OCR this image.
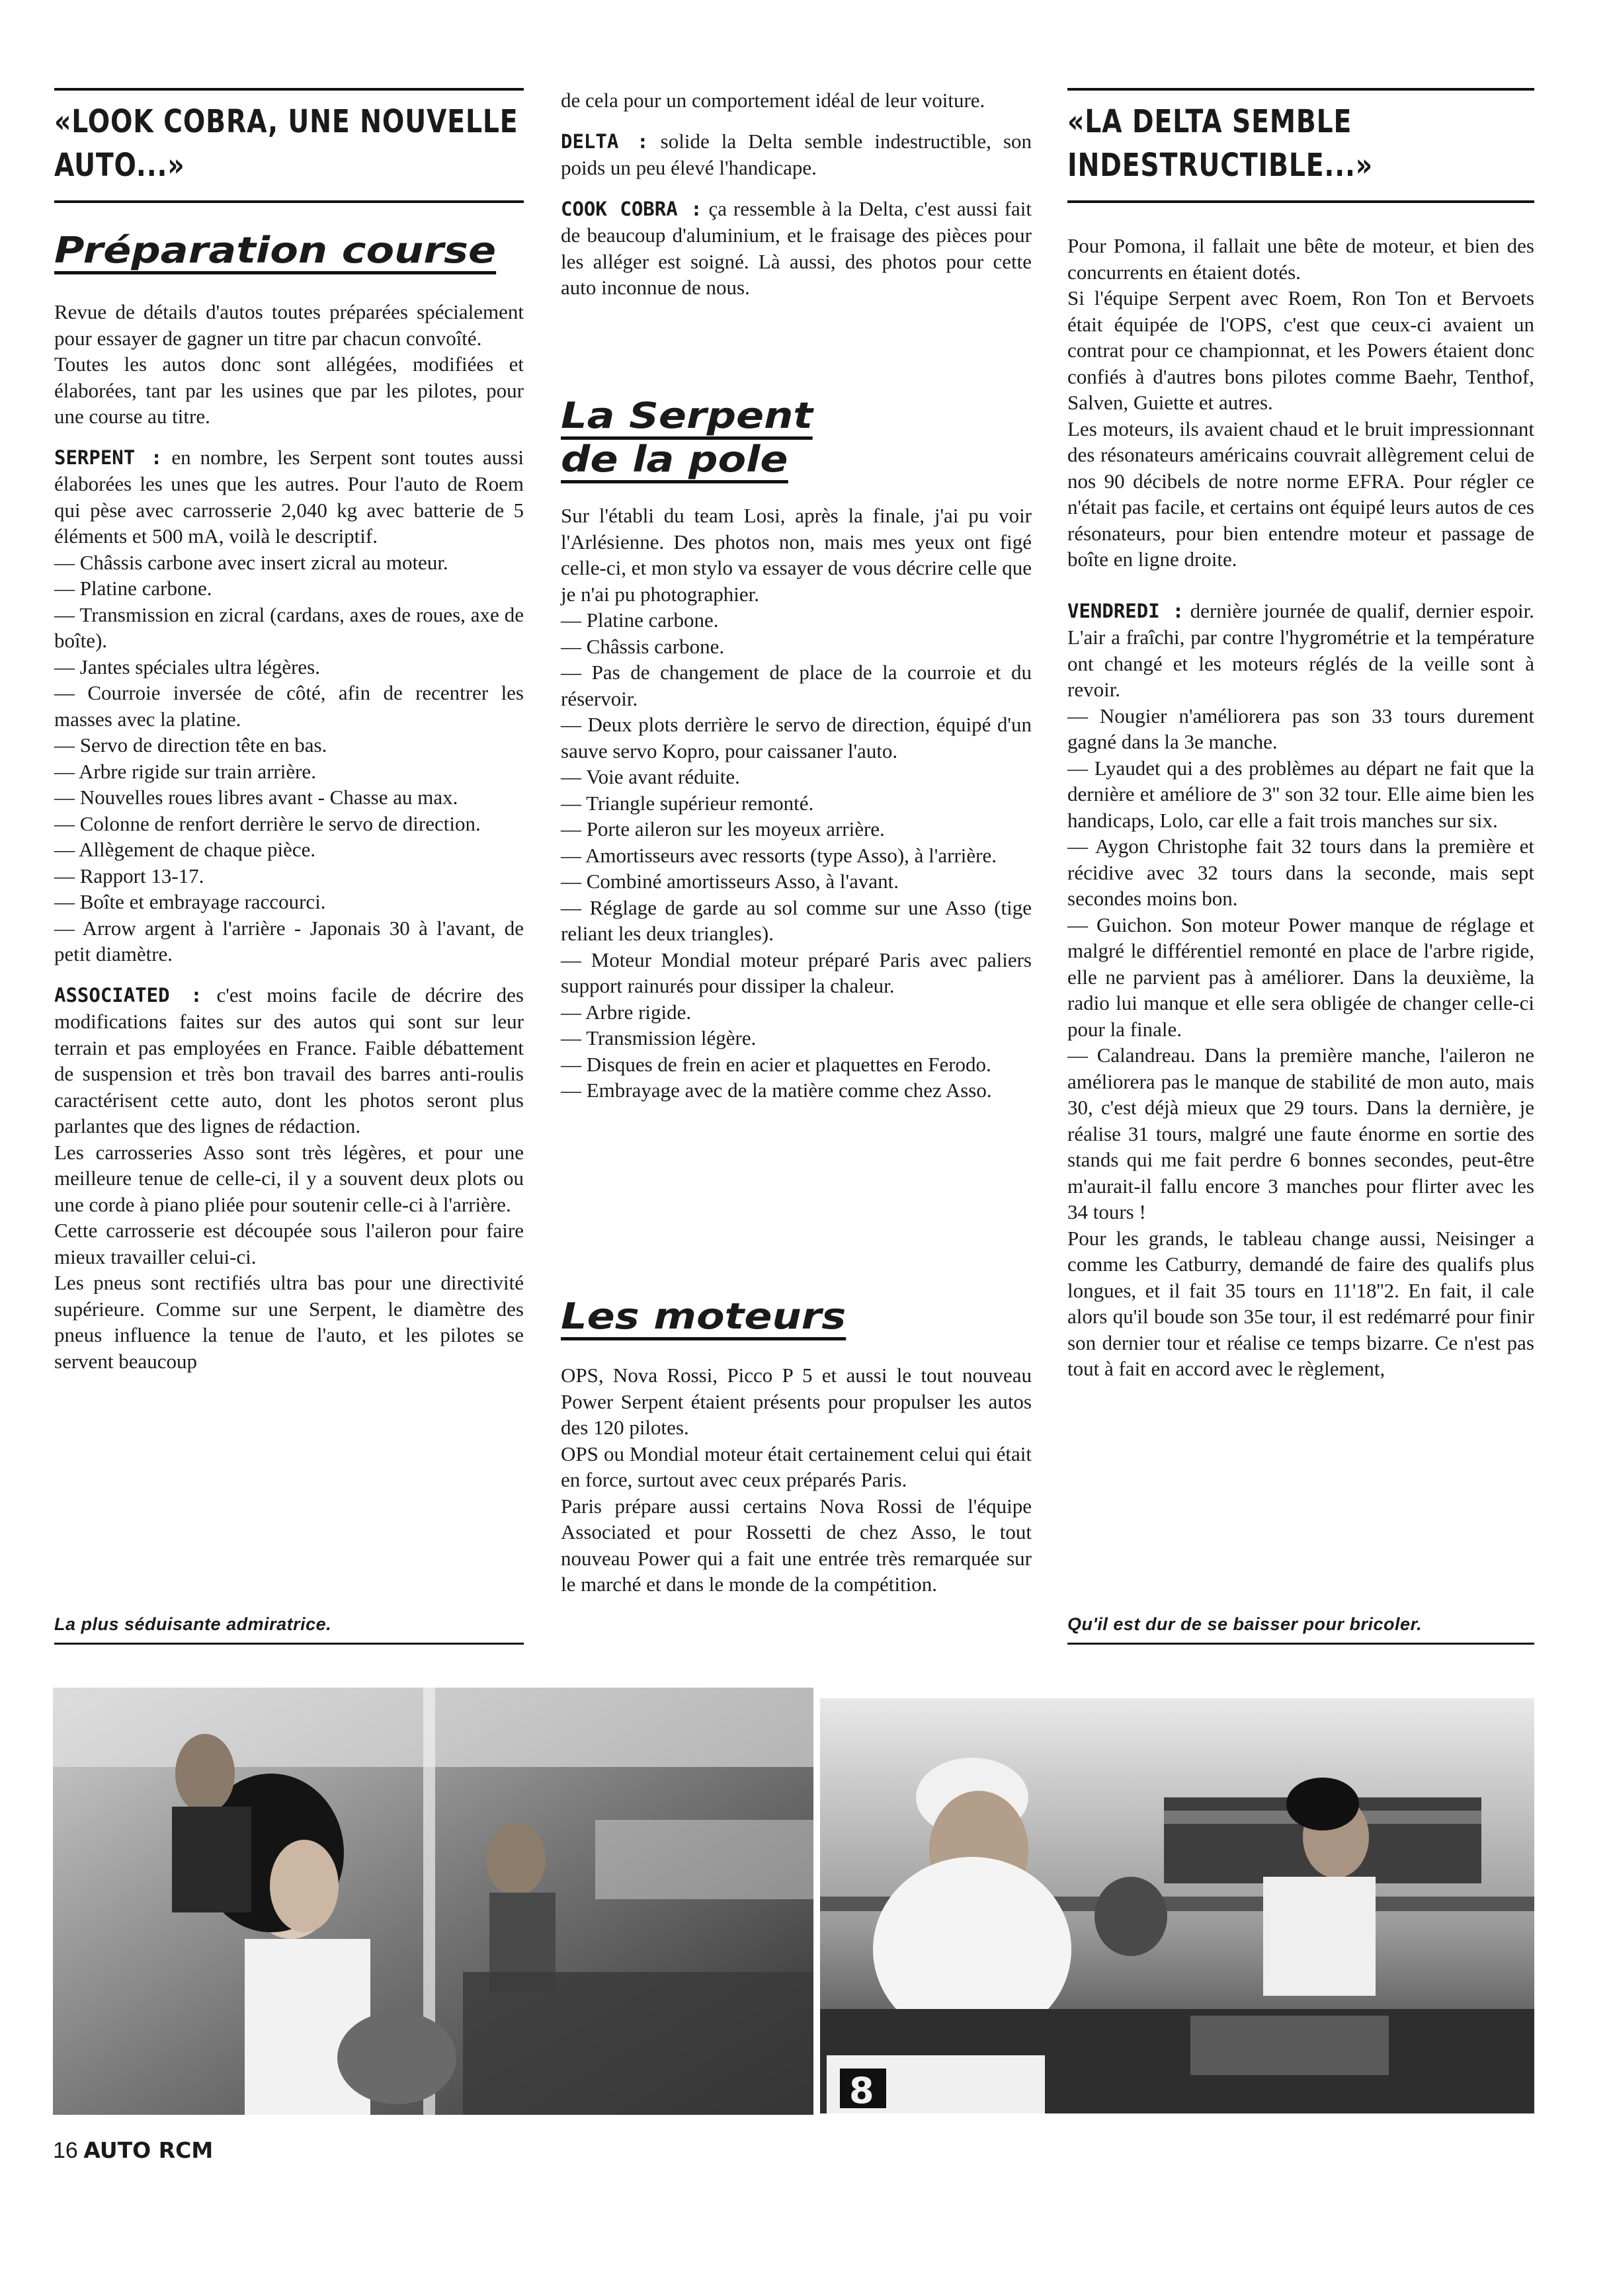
«LOOK COBRA, UNE NOUVELLE
AUTO...»
Préparation course

Revue de détails d'autos toutes préparées spécialement pour essayer de gagner un titre par chacun convoîté.

Toutes les autos donc sont allégées, modifiées et élaborées, tant par les usines que par les pilotes, pour une course au titre.

SERPENT : en nombre, les Serpent sont toutes aussi élaborées les unes que les autres. Pour l'auto de Roem qui pèse avec carrosserie 2,040 kg avec batterie de 5 éléments et 500 mA, voilà le descriptif.

— Châssis carbone avec insert zicral au moteur.

— Platine carbone.

— Transmission en zicral (cardans, axes de roues, axe de boîte).

— Jantes spéciales ultra légères.

— Courroie inversée de côté, afin de recentrer les masses avec la platine.

— Servo de direction tête en bas.

— Arbre rigide sur train arrière.

— Nouvelles roues libres avant - Chasse au max.

— Colonne de renfort derrière le servo de direction.

— Allègement de chaque pièce.

— Rapport 13-17.

— Boîte et embrayage raccourci.

— Arrow argent à l'arrière - Japonais 30 à l'avant, de petit diamètre.

ASSOCIATED : c'est moins facile de décrire des modifications faites sur des autos qui sont sur leur terrain et pas employées en France. Faible débattement de suspension et très bon travail des barres anti-roulis caractérisent cette auto, dont les photos seront plus parlantes que des lignes de rédaction.

Les carrosseries Asso sont très légères, et pour une meilleure tenue de celle-ci, il y a souvent deux plots ou une corde à piano pliée pour soutenir celle-ci à l'arrière.

Cette carrosserie est découpée sous l'aileron pour faire mieux travailler celui-ci.

Les pneus sont rectifiés ultra bas pour une directivité supérieure. Comme sur une Serpent, le diamètre des pneus influence la tenue de l'auto, et les pilotes se servent beaucoup

de cela pour un comportement idéal de leur voiture.

DELTA : solide la Delta semble indestructible, son poids un peu élevé l'handicape.

COOK COBRA : ça ressemble à la Delta, c'est aussi fait de beaucoup d'aluminium, et le fraisage des pièces pour les alléger est soigné. Là aussi, des photos pour cette auto inconnue de nous.

La Serpent
de la pole

Sur l'établi du team Losi, après la finale, j'ai pu voir l'Arlésienne. Des photos non, mais mes yeux ont figé celle-ci, et mon stylo va essayer de vous décrire celle que je n'ai pu photographier.

— Platine carbone.

— Châssis carbone.

— Pas de changement de place de la courroie et du réservoir.

— Deux plots derrière le servo de direction, équipé d'un sauve servo Kopro, pour caissaner l'auto.

— Voie avant réduite.

— Triangle supérieur remonté.

— Porte aileron sur les moyeux arrière.

— Amortisseurs avec ressorts (type Asso), à l'arrière.

— Combiné amortisseurs Asso, à l'avant.

— Réglage de garde au sol comme sur une Asso (tige reliant les deux triangles).

— Moteur Mondial moteur préparé Paris avec paliers support rainurés pour dissiper la chaleur.

— Arbre rigide.

— Transmission légère.

— Disques de frein en acier et plaquettes en Ferodo.

— Embrayage avec de la matière comme chez Asso.

Les moteurs

OPS, Nova Rossi, Picco P 5 et aussi le tout nouveau Power Serpent étaient présents pour propulser les autos des 120 pilotes.

OPS ou Mondial moteur était certainement celui qui était en force, surtout avec ceux préparés Paris.

Paris prépare aussi certains Nova Rossi de l'équipe Associated et pour Rossetti de chez Asso, le tout nouveau Power qui a fait une entrée très remarquée sur le marché et dans le monde de la compétition.

«LA DELTA SEMBLE
INDESTRUCTIBLE...»

Pour Pomona, il fallait une bête de moteur, et bien des concurrents en étaient dotés.

Si l'équipe Serpent avec Roem, Ron Ton et Bervoets était équipée de l'OPS, c'est que ceux-ci avaient un contrat pour ce championnat, et les Powers étaient donc confiés à d'autres bons pilotes comme Baehr, Tenthof, Salven, Guiette et autres.

Les moteurs, ils avaient chaud et le bruit impressionnant des résonateurs américains couvrait allègrement celui de nos 90 décibels de notre norme EFRA. Pour régler ce n'était pas facile, et certains ont équipé leurs autos de ces résonateurs, pour bien entendre moteur et passage de boîte en ligne droite.

VENDREDI : dernière journée de qualif, dernier espoir. L'air a fraîchi, par contre l'hygrométrie et la température ont changé et les moteurs réglés de la veille sont à revoir.

— Nougier n'améliorera pas son 33 tours durement gagné dans la 3e manche.

— Lyaudet qui a des problèmes au départ ne fait que la dernière et améliore de 3'' son 32 tour. Elle aime bien les handicaps, Lolo, car elle a fait trois manches sur six.

— Aygon Christophe fait 32 tours dans la première et récidive avec 32 tours dans la seconde, mais sept secondes moins bon.

— Guichon. Son moteur Power manque de réglage et malgré le différentiel remonté en place de l'arbre rigide, elle ne parvient pas à améliorer. Dans la deuxième, la radio lui manque et elle sera obligée de changer celle-ci pour la finale.

— Calandreau. Dans la première manche, l'aileron ne améliorera pas le manque de stabilité de mon auto, mais 30, c'est déjà mieux que 29 tours. Dans la dernière, je réalise 31 tours, malgré une faute énorme en sortie des stands qui me fait perdre 6 bonnes secondes, peut-être m'aurait-il fallu encore 3 manches pour flirter avec les 34 tours !

Pour les grands, le tableau change aussi, Neisinger a comme les Catburry, demandé de faire des qualifs plus longues, et il fait 35 tours en 11'18''2. En fait, il cale alors qu'il boude son 35e tour, il est redémarré pour finir son dernier tour et réalise ce temps bizarre. Ce n'est pas tout à fait en accord avec le règlement,

La plus séduisante admiratrice.	Qu'il est dur de se baisser pour bricoler.
8
16 AUTO RCM
